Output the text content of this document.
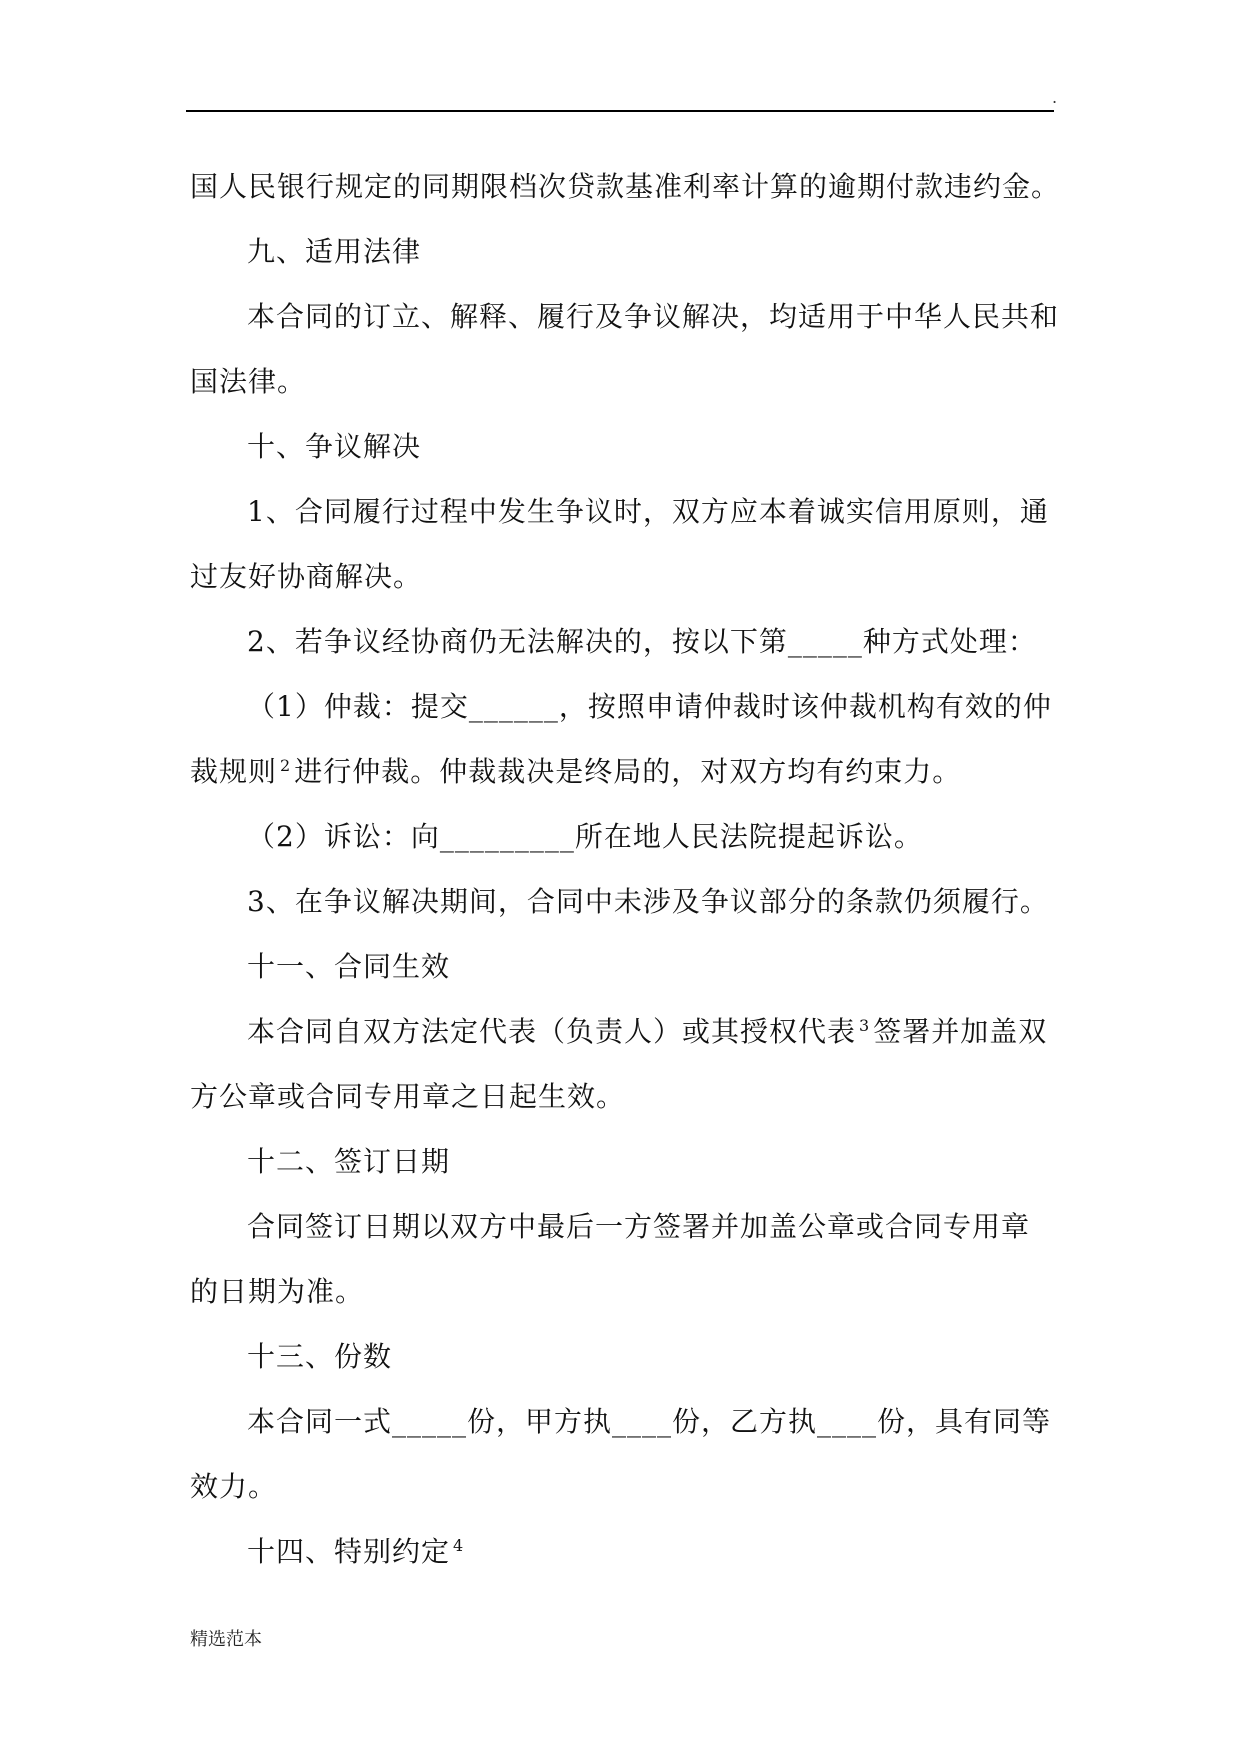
.

国人民银行规定的同期限档次贷款基准利率计算的逾期付款违约金。

九、适用法律

本合同的订立、解释、履行及争议解决，均适用于中华人民共和

国法律。

十、争议解决

1、合同履行过程中发生争议时，双方应本着诚实信用原则，通

过友好协商解决。

2、若争议经协商仍无法解决的，按以下第_____种方式处理：

（1）仲裁：提交______，按照申请仲裁时该仲裁机构有效的仲

裁规则 $^2$ 进行仲裁。仲裁裁决是终局的，对双方均有约束力。

（2）诉讼：向_________所在地人民法院提起诉讼。

3、在争议解决期间，合同中未涉及争议部分的条款仍须履行。

十一、合同生效

本合同自双方法定代表（负责人）或其授权代表 $^3$ 签署并加盖双

方公章或合同专用章之日起生效。

十二、签订日期

合同签订日期以双方中最后一方签署并加盖公章或合同专用章

的日期为准。

十三、份数

本合同一式_____份，甲方执____份，乙方执____份，具有同等

效力。

十四、特别约定 $^4$

精选范本
